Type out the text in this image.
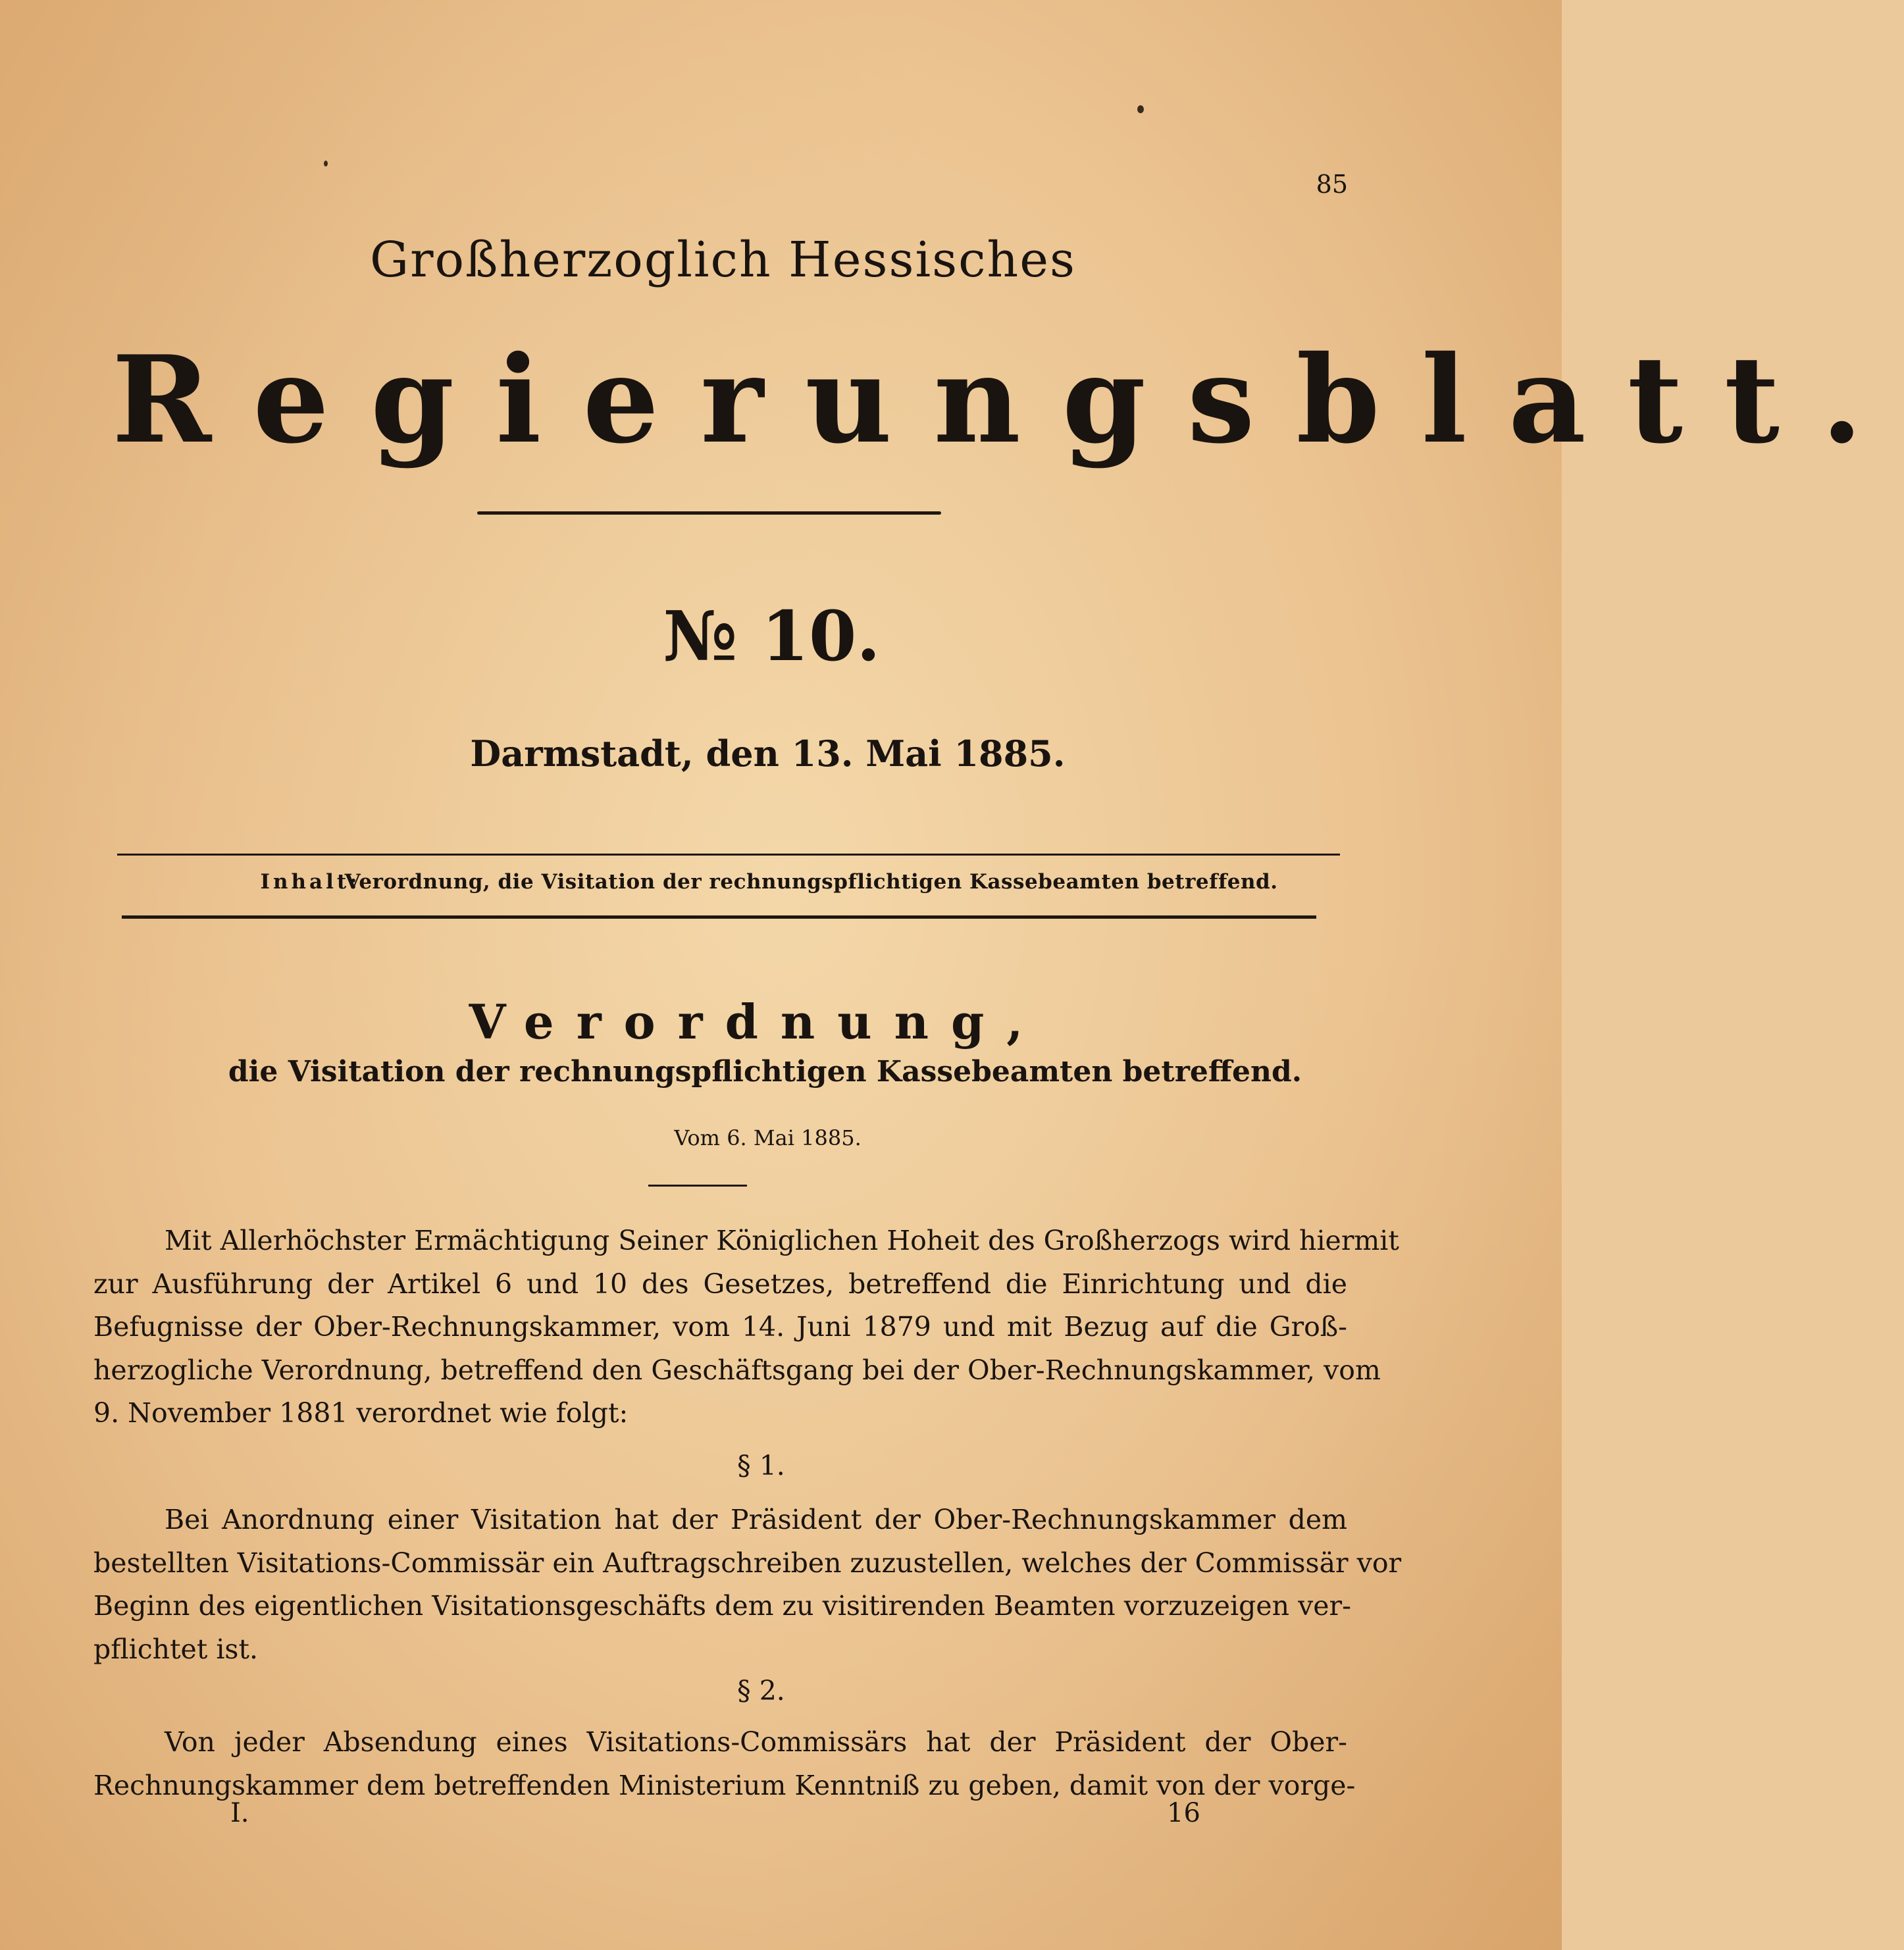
85
Großherzoglich Hessisches
Regierungsblatt.
№ 10.
Darmstadt, den 13. Mai 1885.
Inhalt:Verordnung, die Visitation der rechnungspflichtigen Kassebeamten betreffend.
Verordnung,
die Visitation der rechnungspflichtigen Kassebeamten betreffend.
Vom 6. Mai 1885.
Mit Allerhöchster Ermächtigung Seiner Königlichen Hoheit des Großherzogs wird hiermit
zur Ausführung der Artikel 6 und 10 des Gesetzes, betreffend die Einrichtung und die
Befugnisse der Ober-Rechnungskammer, vom 14. Juni 1879 und mit Bezug auf die Groß-
herzogliche Verordnung, betreffend den Geschäftsgang bei der Ober-Rechnungskammer, vom
9. November 1881 verordnet wie folgt:
§ 1.
Bei Anordnung einer Visitation hat der Präsident der Ober-Rechnungskammer dem
bestellten Visitations-Commissär ein Auftragschreiben zuzustellen, welches der Commissär vor
Beginn des eigentlichen Visitationsgeschäfts dem zu visitirenden Beamten vorzuzeigen ver-
pflichtet ist.
§ 2.
Von jeder Absendung eines Visitations-Commissärs hat der Präsident der Ober-
Rechnungskammer dem betreffenden Ministerium Kenntniß zu geben, damit von der vorge-
I.	16
